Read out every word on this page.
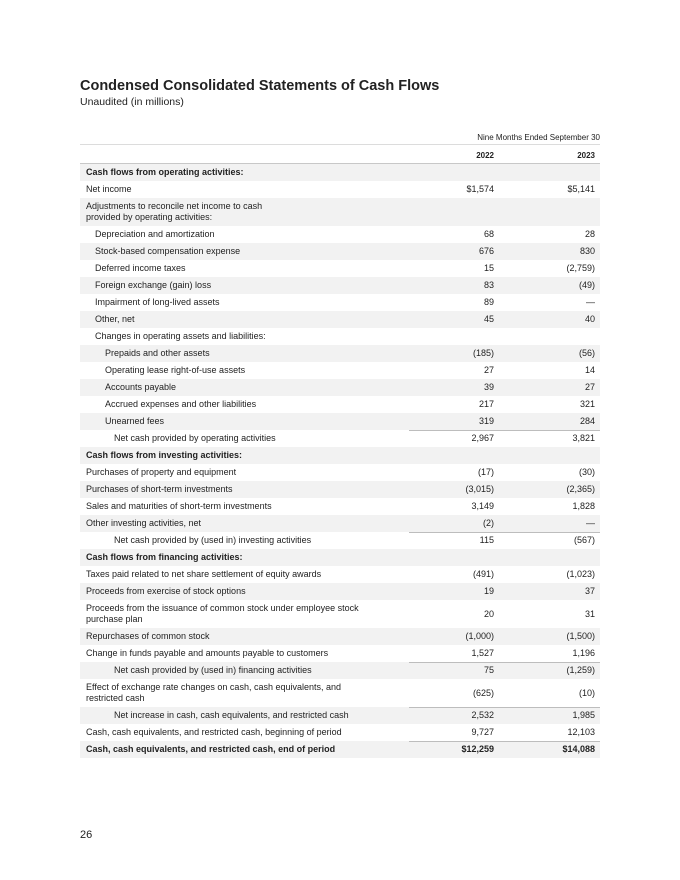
Condensed Consolidated Statements of Cash Flows
Unaudited (in millions)
Nine Months Ended September 30
2022	2023
Cash flows from operating activities:
Net income	$1,574	$5,141
Adjustments to reconcile net income to cash
provided by operating activities:
Depreciation and amortization	68	28
Stock-based compensation expense	676	830
Deferred income taxes	15	(2,759)
Foreign exchange (gain) loss	83	(49)
Impairment of long-lived assets	89	—
Other, net	45	40
Changes in operating assets and liabilities:
Prepaids and other assets	(185)	(56)
Operating lease right-of-use assets	27	14
Accounts payable	39	27
Accrued expenses and other liabilities	217	321
Unearned fees	319	284
Net cash provided by operating activities	2,967	3,821
Cash flows from investing activities:
Purchases of property and equipment	(17)	(30)
Purchases of short-term investments	(3,015)	(2,365)
Sales and maturities of short-term investments	3,149	1,828
Other investing activities, net	(2)	—
Net cash provided by (used in) investing activities	115	(567)
Cash flows from financing activities:
Taxes paid related to net share settlement of equity awards	(491)	(1,023)
Proceeds from exercise of stock options	19	37
Proceeds from the issuance of common stock under employee stock
purchase plan	20	31
Repurchases of common stock	(1,000)	(1,500)
Change in funds payable and amounts payable to customers	1,527	1,196
Net cash provided by (used in) financing activities	75	(1,259)
Effect of exchange rate changes on cash, cash equivalents, and
restricted cash	(625)	(10)
Net increase in cash, cash equivalents, and restricted cash	2,532	1,985
Cash, cash equivalents, and restricted cash, beginning of period	9,727	12,103
Cash, cash equivalents, and restricted cash, end of period	$12,259	$14,088
26
